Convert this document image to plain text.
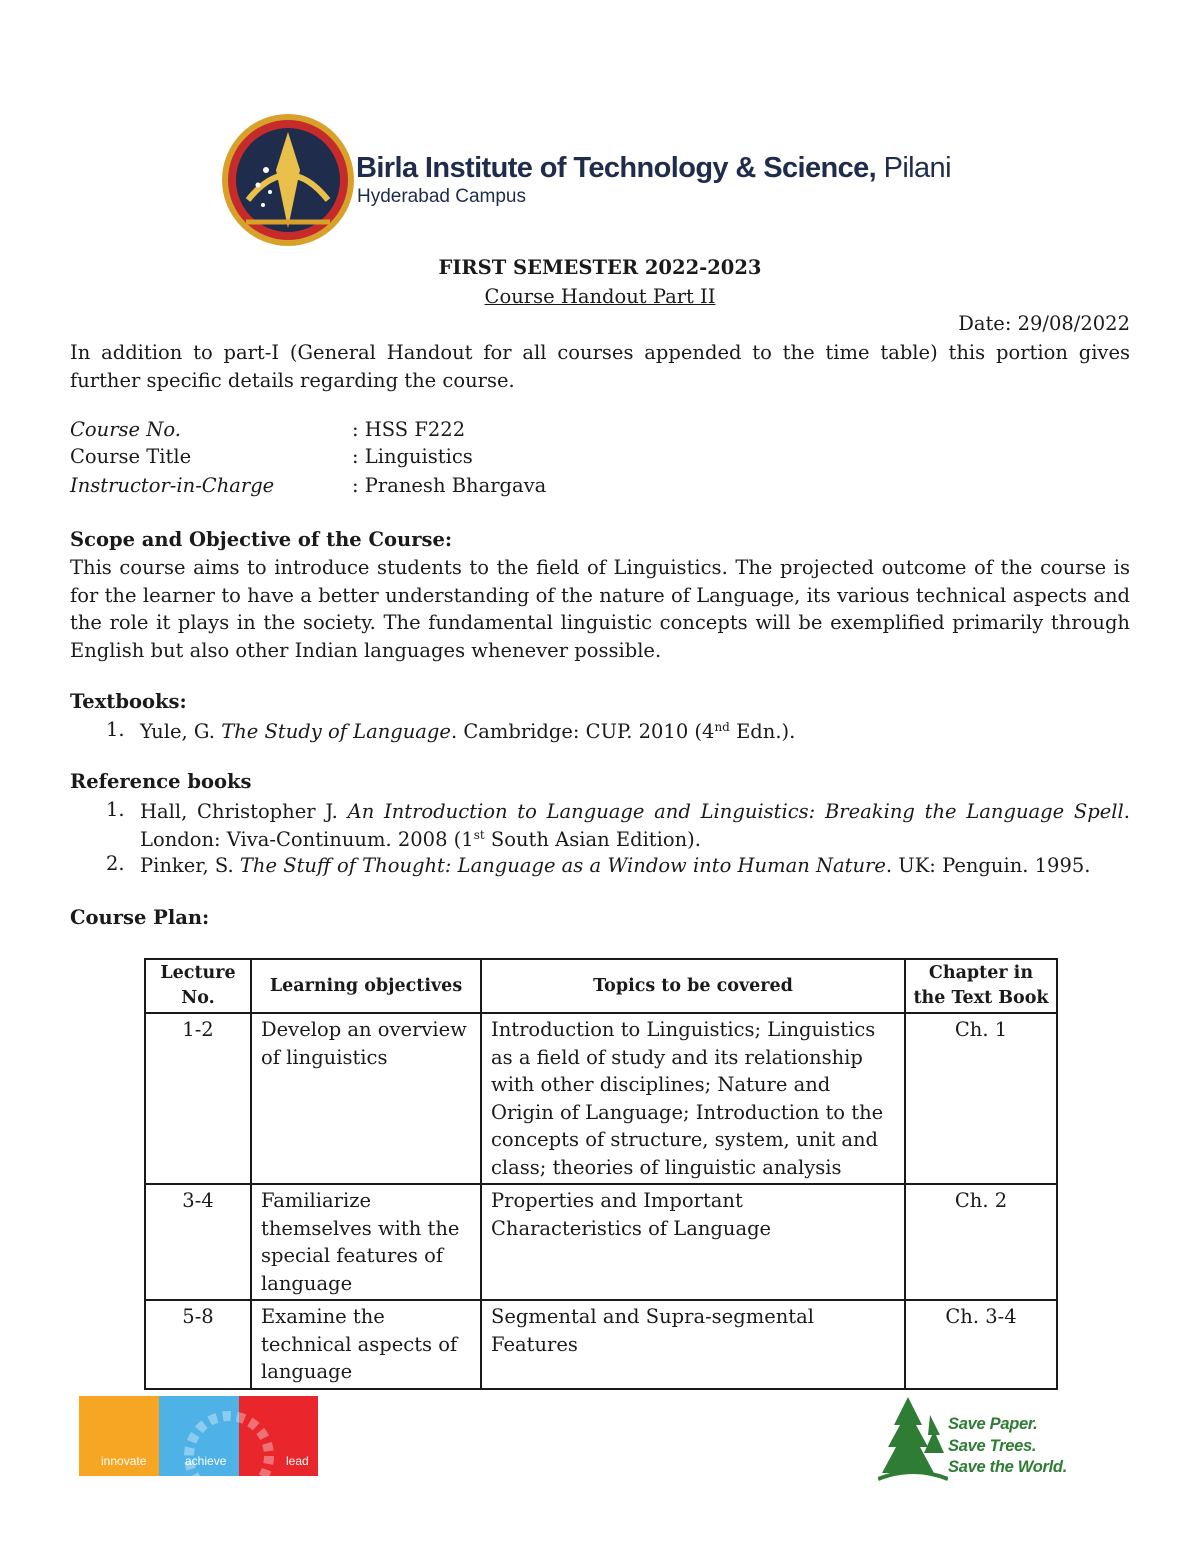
Birla Institute of Technology & Science, Pilani
Hyderabad Campus
FIRST SEMESTER 2022-2023
Course Handout Part II
Date: 29/08/2022
In addition to part-I (General Handout for all courses appended to the time table) this portion gives further specific details regarding the course.
Course No.	: HSS F222
Course Title	: Linguistics
Instructor-in-Charge	: Pranesh Bhargava
Scope and Objective of the Course:
This course aims to introduce students to the field of Linguistics. The projected outcome of the course is for the learner to have a better understanding of the nature of Language, its various technical aspects and the role it plays in the society. The fundamental linguistic concepts will be exemplified primarily through English but also other Indian languages whenever possible.
Textbooks:
1. Yule, G. The Study of Language. Cambridge: CUP. 2010 (4nd Edn.).
Reference books
1. Hall, Christopher J. An Introduction to Language and Linguistics: Breaking the Language Spell. London: Viva-Continuum. 2008 (1st South Asian Edition).
2. Pinker, S. The Stuff of Thought: Language as a Window into Human Nature. UK: Penguin. 1995.
Course Plan:
Lecture No.	Learning objectives	Topics to be covered	Chapter in the Text Book
1-2	Develop an overview of linguistics	Introduction to Linguistics; Linguistics as a field of study and its relationship with other disciplines; Nature and Origin of Language; Introduction to the concepts of structure, system, unit and class; theories of linguistic analysis	Ch. 1
3-4	Familiarize themselves with the special features of language	Properties and Important Characteristics of Language	Ch. 2
5-8	Examine the technical aspects of language	Segmental and Supra-segmental Features	Ch. 3-4
innovate	achieve	lead
Save Paper.
Save Trees.
Save the World.
